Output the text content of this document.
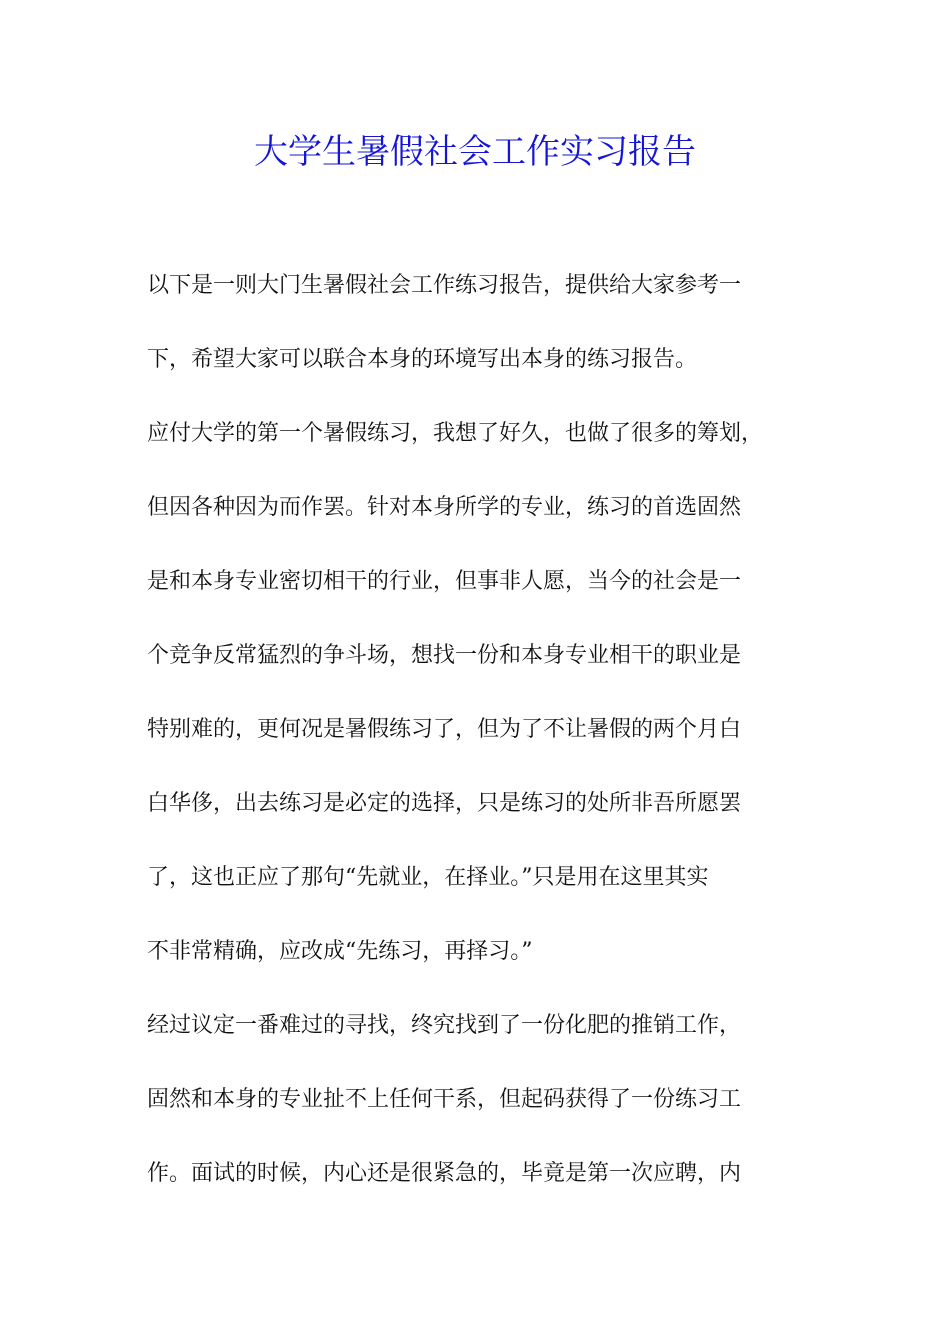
大学生暑假社会工作实习报告
以下是一则大门生暑假社会工作练习报告，提供给大家参考一
下，希望大家可以联合本身的环境写出本身的练习报告。
应付大学的第一个暑假练习，我想了好久，也做了很多的筹划，
但因各种因为而作罢。针对本身所学的专业，练习的首选固然
是和本身专业密切相干的行业，但事非人愿，当今的社会是一
个竞争反常猛烈的争斗场，想找一份和本身专业相干的职业是
特别难的，更何况是暑假练习了，但为了不让暑假的两个月白
白华侈，出去练习是必定的选择，只是练习的处所非吾所愿罢
了，这也正应了那句“先就业，在择业。”只是用在这里其实
不非常精确，应改成“先练习，再择习。”
经过议定一番难过的寻找，终究找到了一份化肥的推销工作，
固然和本身的专业扯不上任何干系，但起码获得了一份练习工
作。面试的时候，内心还是很紧急的，毕竟是第一次应聘，内
